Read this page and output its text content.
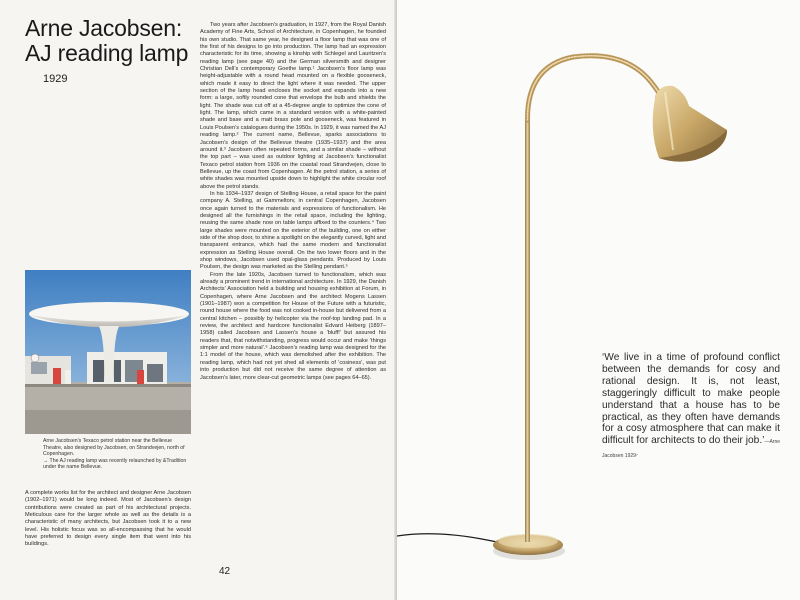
Arne Jacobsen:
AJ reading lamp
1929

Two years after Jacobsen’s graduation, in 1927, from the Royal Danish Academy of Fine Arts, School of Architecture, in Copenhagen, he founded his own studio. That same year, he designed a floor lamp that was one of the first of his designs to go into production. The lamp had an expression characteristic for its time, showing a kinship with Schlegel and Lauritzen’s reading lamp (see page 40) and the German silversmith and designer Christian Dell’s contemporary Goethe lamp.¹ Jacobsen’s floor lamp was height-adjustable with a round head mounted on a flexible gooseneck, which made it easy to direct the light where it was needed. The upper section of the lamp head encloses the socket and expands into a new form: a large, softly rounded cone that envelops the bulb and shields the light. The shade was cut off at a 45-degree angle to optimize the cone of light. The lamp, which came in a standard version with a white-painted shade and base and a matt brass pole and gooseneck, was featured in Louis Poulsen’s catalogues during the 1950s. In 1929, it was named the AJ reading lamp.² The current name, Bellevue, sparks associations to Jacobsen’s design of the Bellevue theatre (1935–1937) and the area around it.³ Jacobsen often repeated forms, and a similar shade – without the top part – was used as outdoor lighting at Jacobsen’s functionalist Texaco petrol station from 1936 on the coastal road Strandvejen, close to Bellevue, up the coast from Copenhagen. At the petrol station, a series of white shades was mounted upside down to highlight the white circular roof above the petrol stands.

In his 1934–1937 design of Stelling House, a retail space for the paint company A. Stelling, at Gammeltorv, in central Copenhagen, Jacobsen once again turned to the materials and expressions of functionalism. He designed all the furnishings in the retail space, including the lighting, reusing the same shade now on table lamps affixed to the counters.⁴ Two large shades were mounted on the exterior of the building, one on either side of the shop door, to shine a spotlight on the elegantly curved, light and transparent entrance, which had the same modern and functionalist expression as Stelling House overall. On the two lower floors and in the shop windows, Jacobsen used opal-glass pendants. Produced by Louis Poulsen, the design was marketed as the Stelling pendant.⁵

From the late 1920s, Jacobsen turned to functionalism, which was already a prominent trend in international architecture. In 1929, the Danish Architects’ Association held a building and housing exhibition at Forum, in Copenhagen, where Arne Jacobsen and the architect Mogens Lassen (1901–1987) won a competition for House of the Future with a futuristic, round house where the food was not cooked in-house but delivered from a central kitchen – possibly by helicopter via the roof-top landing pad. In a review, the architect and hardcore functionalist Edvard Heiberg (1897–1958) called Jacobsen and Lassen’s house a ‘bluff!’ but assured his readers that, that notwithstanding, progress would occur and make ‘things simpler and more natural’.⁶ Jacobsen’s reading lamp was designed for the 1:1 model of the house, which was demolished after the exhibition. The reading lamp, which had not yet shed all elements of ‘cosiness’, was put into production but did not receive the same degree of attention as Jacobsen’s later, more clear-cut geometric lamps (see pages 64–65).

Arne Jacobsen’s Texaco petrol station near the Bellevue Theatre, also designed by Jacobsen, on Strandvejen, north of Copenhagen.

→ The AJ reading lamp was recently relaunched by &Tradition under the name Bellevue.

A complete works list for the architect and designer Arne Jacobsen (1902–1971) would be long indeed. Most of Jacobsen’s design contributions were created as part of his architectural projects. Meticulous care for the larger whole as well as the details is a characteristic of many architects, but Jacobsen took it to a new level. His holistic focus was so all-encompassing that he would have preferred to design every single item that went into his buildings.
42
‘We live in a time of profound conflict between the demands for cosy and rational design. It is, not least, staggeringly difficult to make people understand that a house has to be practical, as they often have demands for a cosy atmosphere that can make it difficult for architects to do their job.’—Arne Jacobsen 1929⁷
